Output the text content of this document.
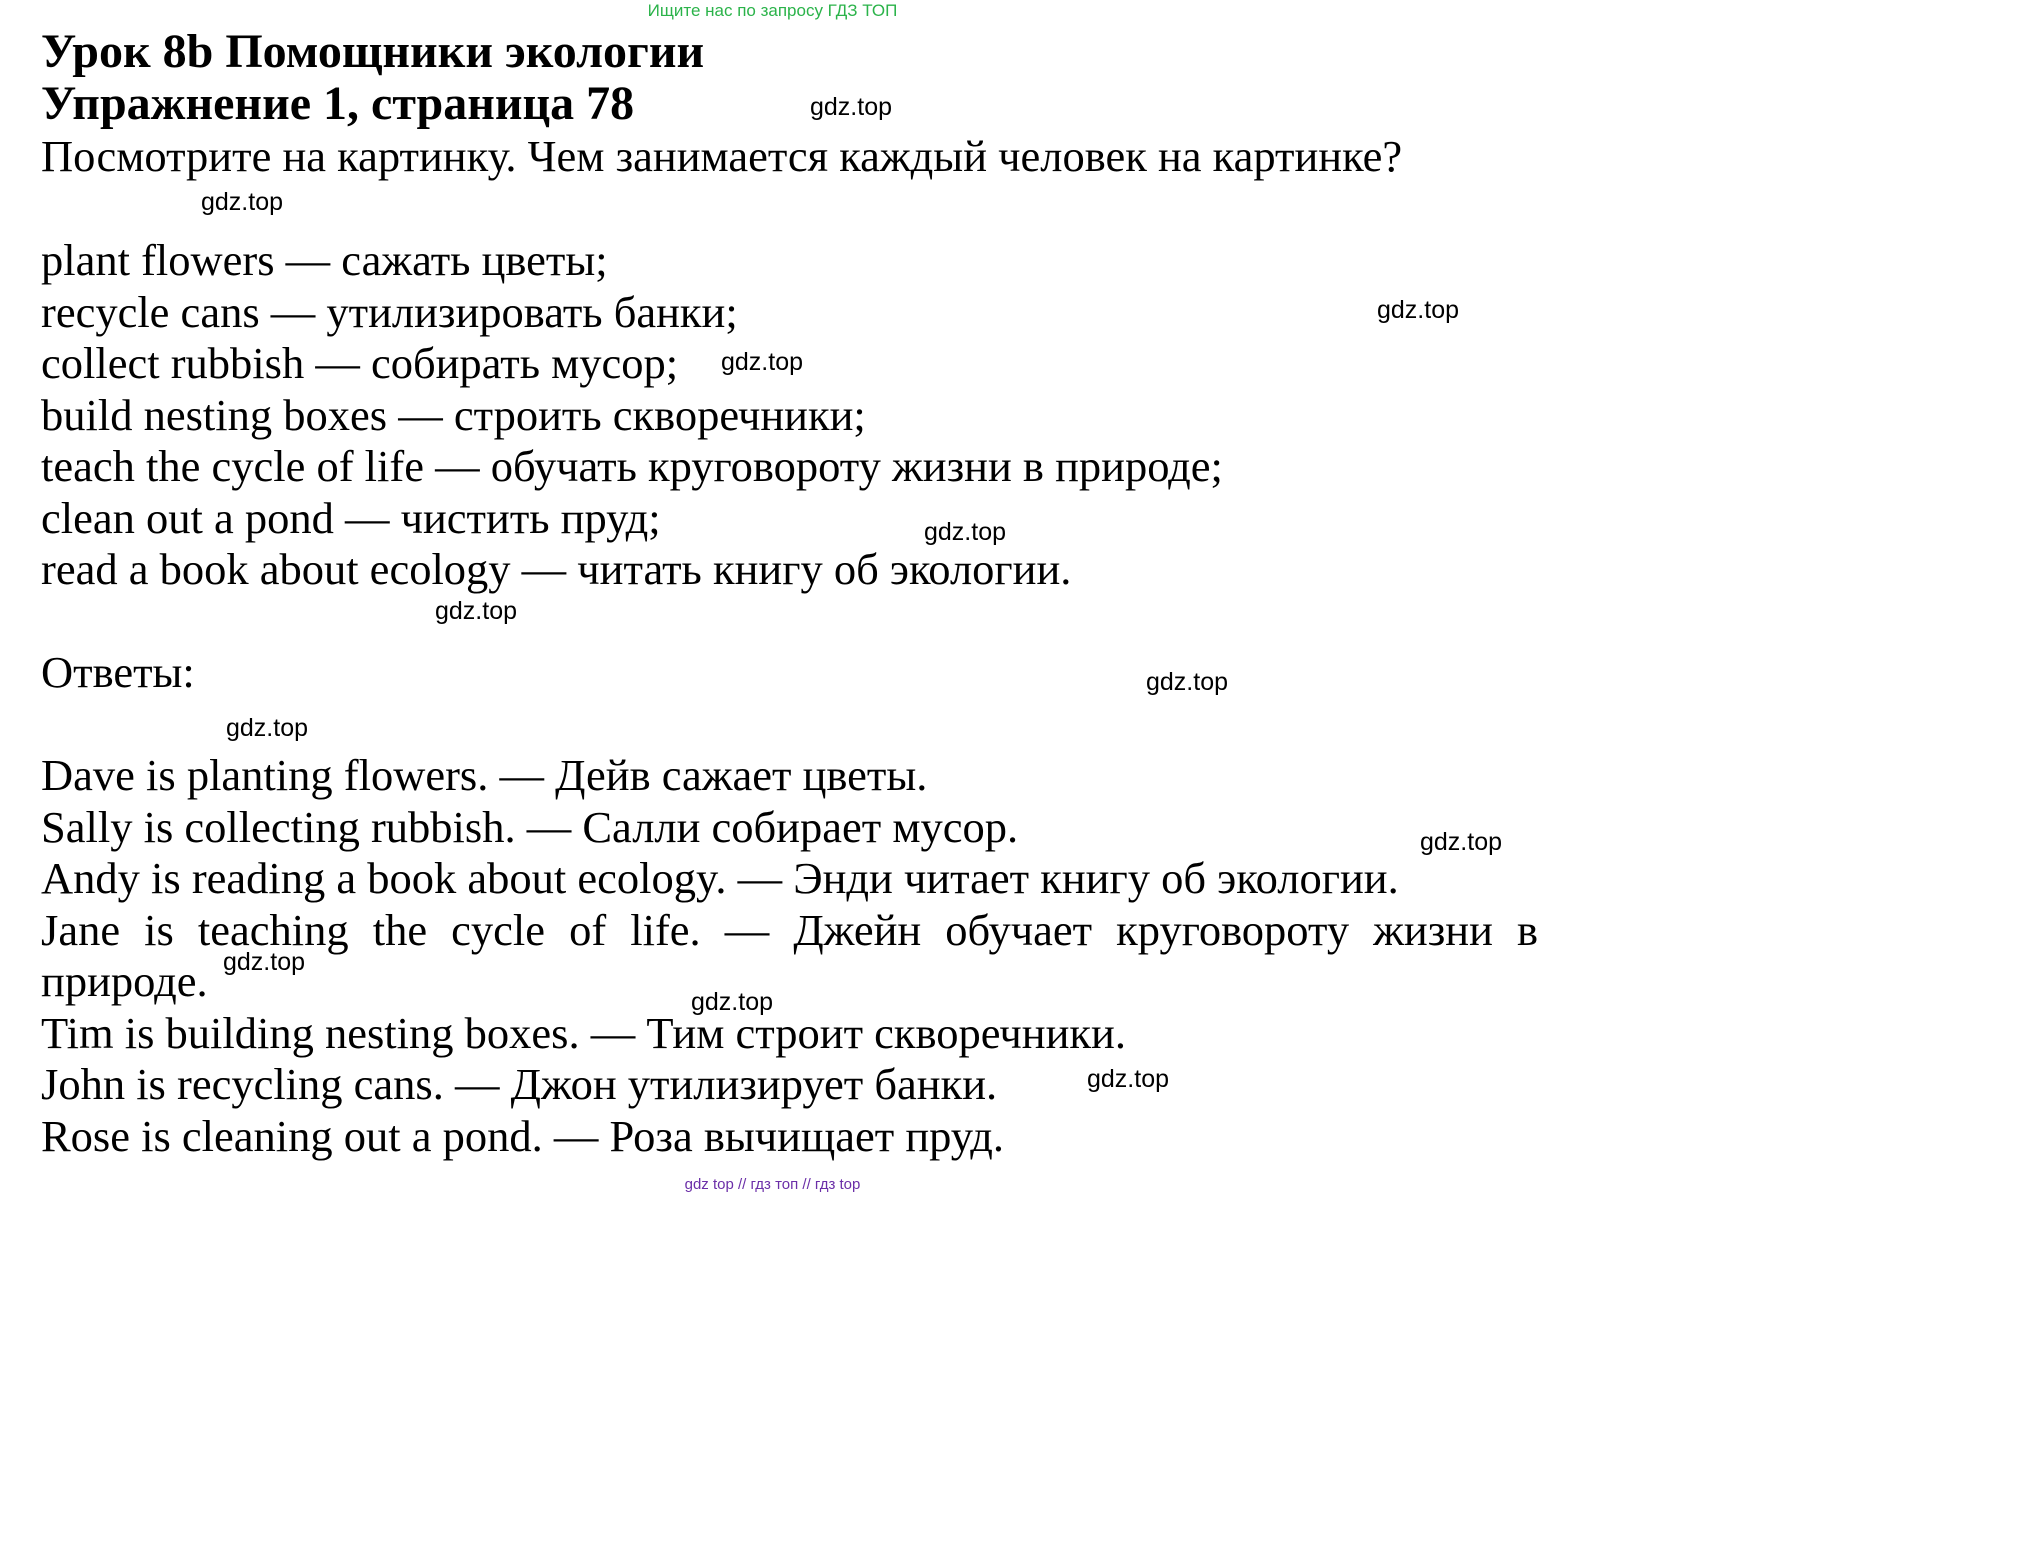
Ищите нас по запросу ГДЗ ТОП
Урок 8b Помощники экологии
Упражнение 1, страница 78
Посмотрите на картинку. Чем занимается каждый человек на картинке?
plant flowers — сажать цветы;
recycle cans — утилизировать банки;
collect rubbish — собирать мусор;
build nesting boxes — строить скворечники;
teach the cycle of life — обучать круговороту жизни в природе;
clean out a pond — чистить пруд;
read a book about ecology — читать книгу об экологии.
Ответы:
Dave is planting flowers. — Дейв сажает цветы.
Sally is collecting rubbish. — Салли собирает мусор.
Andy is reading a book about ecology. — Энди читает книгу об экологии.
Jane is teaching the cycle of life. — Джейн обучает круговороту жизни в
природе.
Tim is building nesting boxes. — Тим строит скворечники.
John is recycling cans. — Джон утилизирует банки.
Rose is cleaning out a pond. — Роза вычищает пруд.
gdz.top
gdz.top
gdz.top
gdz.top
gdz.top
gdz.top
gdz.top
gdz.top
gdz.top
gdz.top
gdz.top
gdz.top
gdz top // гдз топ // гдз top
